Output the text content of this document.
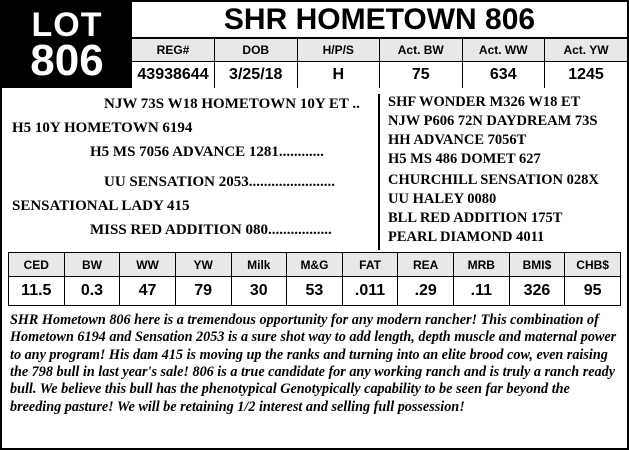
LOT
806
SHR HOMETOWN 806
REG#	DOB	H/P/S	Act. BW	Act. WW	Act. YW
43938644	3/25/18	H	75	634	1245
NJW 73S W18 HOMETOWN 10Y ET ..
H5 10Y HOMETOWN 6194
H5 MS 7056 ADVANCE 1281............
SHF WONDER M326 W18 ET
NJW P606 72N DAYDREAM 73S
HH ADVANCE 7056T
H5 MS 486 DOMET 627
UU SENSATION 2053.......................
SENSATIONAL LADY 415
MISS RED ADDITION 080.................
CHURCHILL SENSATION 028X
UU HALEY 0080
BLL RED ADDITION 175T
PEARL DIAMOND 4011
CED	BW	WW	YW	Milk	M&G	FAT	REA	MRB	BMI$	CHB$
11.5	0.3	47	79	30	53	.011	.29	.11	326	95
SHR Hometown 806 here is a tremendous opportunity for any modern rancher! This combination of Hometown 6194 and Sensation 2053 is a sure shot way to add length, depth muscle and maternal power to any program! His dam 415 is moving up the ranks and turning into an elite brood cow, even raising the 798 bull in last year's sale! 806 is a true candidate for any working ranch and is truly a ranch ready bull. We believe this bull has the phenotypical Genotypically capability to be seen far beyond the breeding pasture! We will be retaining 1/2 interest and selling full possession!
